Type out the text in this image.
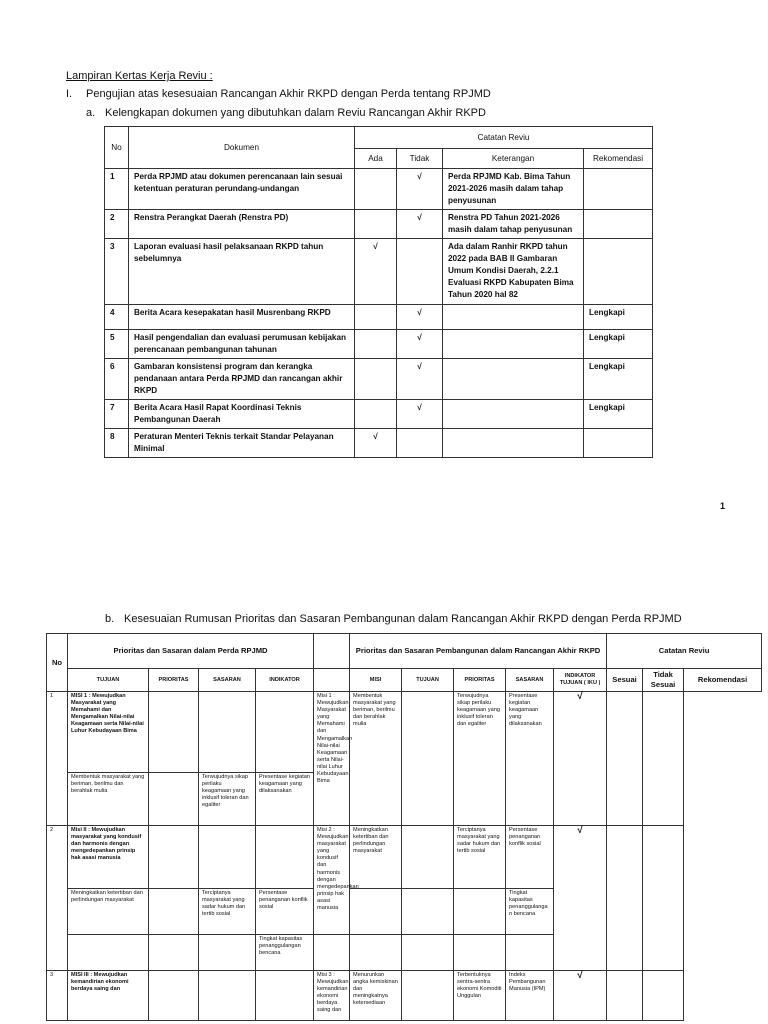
Lampiran Kertas Kerja Reviu :
I. Pengujian atas kesesuaian Rancangan Akhir RKPD dengan Perda tentang RPJMD
a. Kelengkapan dokumen yang dibutuhkan dalam Reviu Rancangan Akhir RKPD
No	Dokumen	Catatan Reviu			
		Ada	Tidak	Keterangan	Rekomendasi
1	Perda RPJMD atau dokumen perencanaan lain sesuai ketentuan peraturan perundang-undangan		√	Perda RPJMD Kab. Bima Tahun 2021-2026 masih dalam tahap penyusunan	
2	Renstra Perangkat Daerah (Renstra PD)		√	Renstra PD Tahun 2021-2026 masih dalam tahap penyusunan	
3	Laporan evaluasi hasil pelaksanaan RKPD tahun sebelumnya	√		Ada dalam Ranhir RKPD tahun 2022 pada BAB II Gambaran Umum Kondisi Daerah, 2.2.1 Evaluasi RKPD Kabupaten Bima Tahun 2020 hal 82	
4	Berita Acara kesepakatan hasil Musrenbang RKPD		√		Lengkapi
5	Hasil pengendalian dan evaluasi perumusan kebijakan perencanaan pembangunan tahunan		√		Lengkapi
6	Gambaran konsistensi program dan kerangka pendanaan antara Perda RPJMD dan rancangan akhir RKPD		√		Lengkapi
7	Berita Acara Hasil Rapat Koordinasi Teknis Pembangunan Daerah		√		Lengkapi
8	Peraturan Menteri Teknis terkait Standar Pelayanan Minimal	√			
1
b. Kesesuaian Rumusan Prioritas dan Sasaran Pembangunan dalam Rancangan Akhir RKPD dengan Perda RPJMD
No	Prioritas dan Sasaran dalam Perda RPJMD					Prioritas dan Sasaran Pembangunan dalam Rancangan Akhir RKPD					Catatan Reviu		
	TUJUAN	PRIORITAS	SASARAN	INDIKATOR		MISI	TUJUAN	PRIORITAS	SASARAN	INDIKATOR TUJUAN ( IKU )	Sesuai	Tidak Sesuai	Rekomendasi
1	MISI 1 : Mewujudkan Masyarakat yang Memahami dan Mengamalkan Nilai-nilai Keagamaan serta Nilai-nilai Luhur Kebudayaan Bima				Misi 1 : Mewujudkan Masyarakat yang Memahami dan Mengamalkan Nilai-nilai Keagamaan serta Nilai-nilai Luhur Kebudayaan Bima	Membentuk masyarakat yang beriman, berilmu dan berahlak mulia		Terwujudnya sikap perilaku keagamaan yang inklusif toleran dan egaliter	Presentase kegiatan keagamaan yang dilaksanakan	√			
	Membentuk masyarakat yang beriman, berilmu dan berahlak mulia		Terwujudnya sikap perilaku keagamaan yang inklusif toleran dan egaliter	Presentase kegiatan keagamaan yang dilaksanakan									
2	Misi II : Mewujudkan masyarakat yang kondusif dan harmonis dengan mengedepankan prinsip hak asasi manusia				Misi 2 : Mewujudkan masyarakat yang kondusif dan harmonis dengan mengedepankan prinsip hak asasi manusia	Meningkatkan ketertiban dan perlindungan masyarakat		Terciptanya masyarakat yang sadar hukum dan tertib sosial	Persentase penanganan konflik sosial	√			
	Meningkatkan ketertiban dan perlindungan masyarakat		Terciptanya masyarakat yang sadar hukum dan tertib sosial	Persentase penanganan konflik sosial					Tingkat kapasitas penanggulanga n bencana				
				Tingkat kapasitas penanggulangan bencana									
3	MISI III : Mewujudkan kemandirian ekonomi berdaya saing dan				Misi 3 : Mewujudkan kemandirian ekonomi berdaya saing dan	Menurunkan angka kemiskinan dan meningkatnya ketersediaan		Terbentuknya sentra-sentra ekonomi Komoditi Unggulan	Indeks Pembangunan Manusia (IPM)	√			
